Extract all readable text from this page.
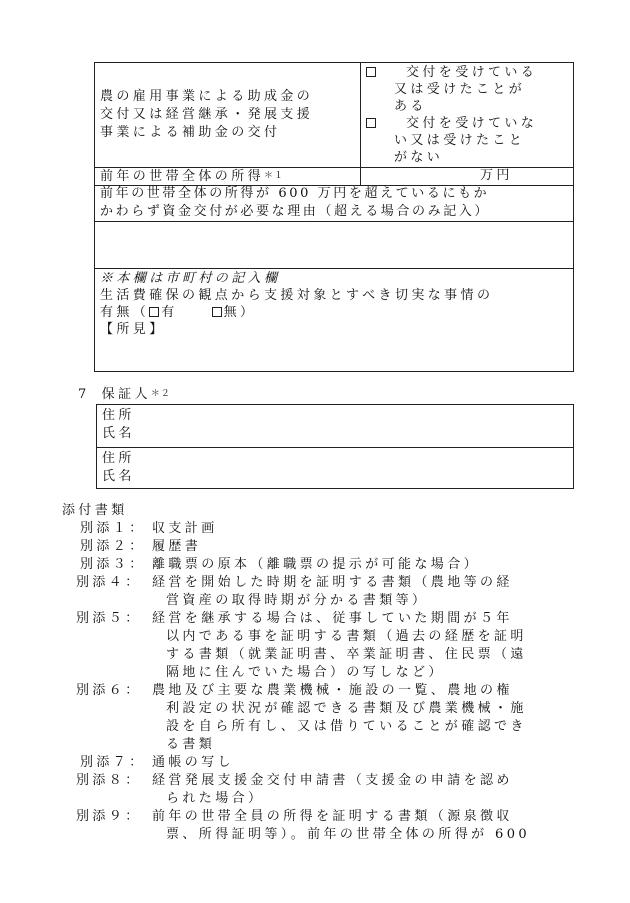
農の雇用事業による助成金の
交付又は経営継承・発展支援
事業による補助金の交付
交付を受けている
又は受けたことが
ある
交付を受けていな
い又は受けたこと
がない
前年の世帯全体の所得$^{*1}$	万円
前年の世帯全体の所得が 600 万円を超えているにもか
かわらず資金交付が必要な理由（超える場合のみ記入）
※本欄は市町村の記入欄
生活費確保の観点から支援対象とすべき切実な事情の
有無（ 有	無）
【所見】
7 保証人$^{*2}$
住所
氏名
住所
氏名
添付書類
別添１： 収支計画
別添２： 履歴書
別添３： 離職票の原本（離職票の提示が可能な場合）
別添４： 経営を開始した時期を証明する書類（農地等の経
営資産の取得時期が分かる書類等）
別添５： 経営を継承する場合は、従事していた期間が５年
以内である事を証明する書類（過去の経歴を証明
する書類（就業証明書、卒業証明書、住民票（遠
隔地に住んでいた場合）の写しなど）
別添６： 農地及び主要な農業機械・施設の一覧、農地の権
利設定の状況が確認できる書類及び農業機械・施
設を自ら所有し、又は借りていることが確認でき
る書類
別添７： 通帳の写し
別添８： 経営発展支援金交付申請書（支援金の申請を認め
られた場合）
別添９： 前年の世帯全員の所得を証明する書類（源泉徴収
票、所得証明等）。前年の世帯全体の所得が 600
